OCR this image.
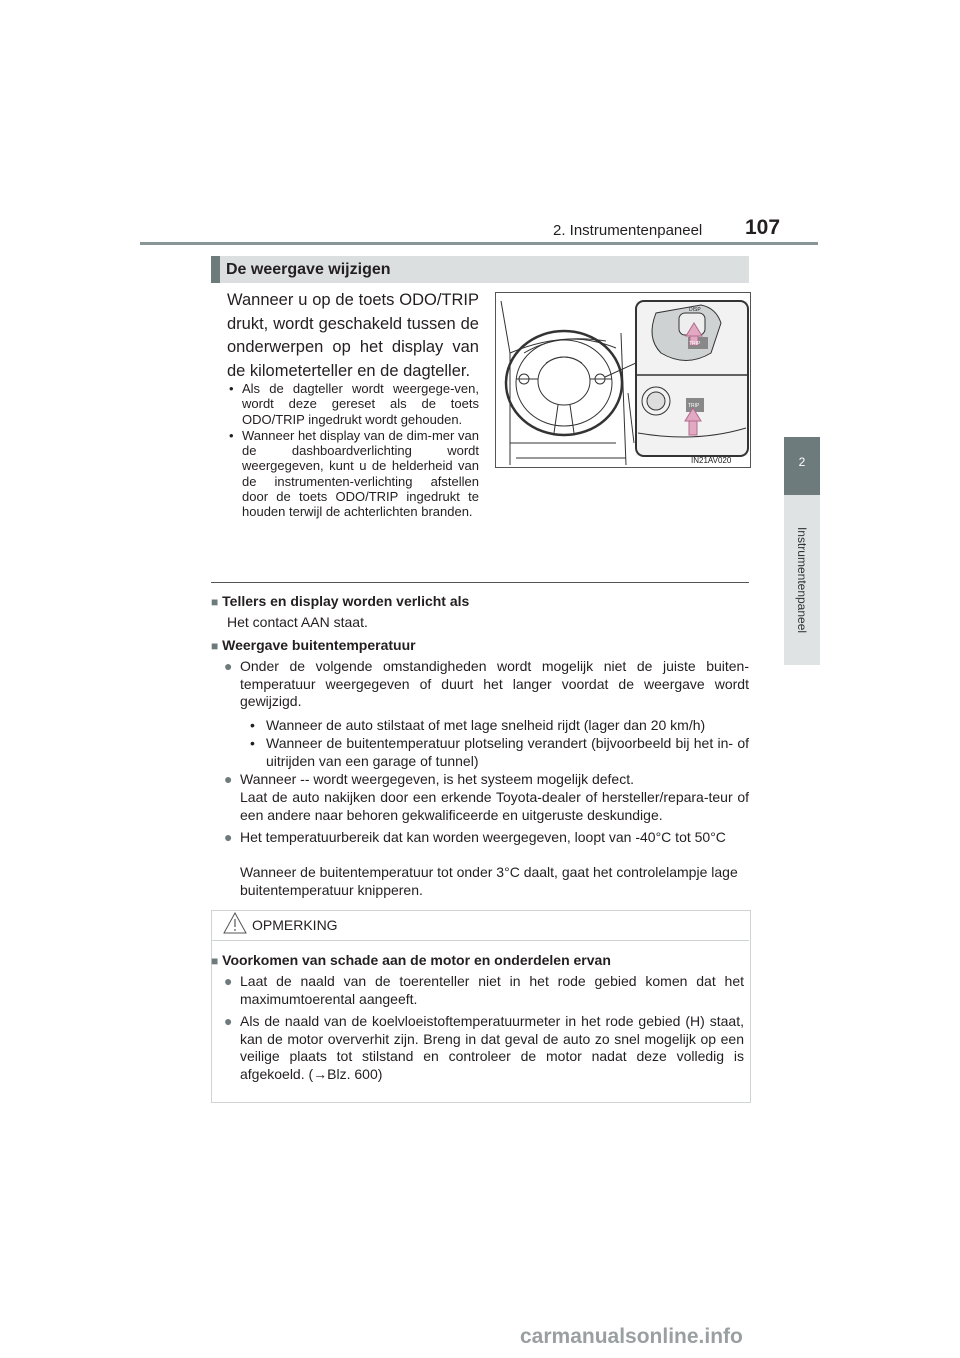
2. Instrumentenpaneel 107
2
Instrumentenpaneel
De weergave wijzigen
Wanneer u op de toets ODO/TRIP drukt, wordt geschakeld tussen de onderwerpen op het display van de kilometerteller en de dagteller.
• Als de dagteller wordt weergege-ven, wordt deze gereset als de toets ODO/TRIP ingedrukt wordt gehouden.
• Wanneer het display van de dim-mer van de dashboardverlichting wordt weergegeven, kunt u de helderheid van de instrumenten-verlichting afstellen door de toets ODO/TRIP ingedrukt te houden terwijl de achterlichten branden.
DISP
TRIP
TRIP
IN21AV020
■ Tellers en display worden verlicht als
Het contact AAN staat.
■ Weergave buitentemperatuur
● Onder de volgende omstandigheden wordt mogelijk niet de juiste buiten-temperatuur weergegeven of duurt het langer voordat de weergave wordt gewijzigd.
• Wanneer de auto stilstaat of met lage snelheid rijdt (lager dan 20 km/h)
• Wanneer de buitentemperatuur plotseling verandert (bijvoorbeeld bij het in- of uitrijden van een garage of tunnel)
● Wanneer -- wordt weergegeven, is het systeem mogelijk defect.
Laat de auto nakijken door een erkende Toyota-dealer of hersteller/repara-teur of een andere naar behoren gekwalificeerde en uitgeruste deskundige.
● Het temperatuurbereik dat kan worden weergegeven, loopt van -40°C tot 50°C
Wanneer de buitentemperatuur tot onder 3°C daalt, gaat het controlelampje lage buitentemperatuur knipperen.
OPMERKING
■ Voorkomen van schade aan de motor en onderdelen ervan
● Laat de naald van de toerenteller niet in het rode gebied komen dat het maximumtoerental aangeeft.
● Als de naald van de koelvloeistoftemperatuurmeter in het rode gebied (H) staat, kan de motor oververhit zijn. Breng in dat geval de auto zo snel mogelijk op een veilige plaats tot stilstand en controleer de motor nadat deze volledig is afgekoeld. (→Blz. 600)
carmanualsonline.info
